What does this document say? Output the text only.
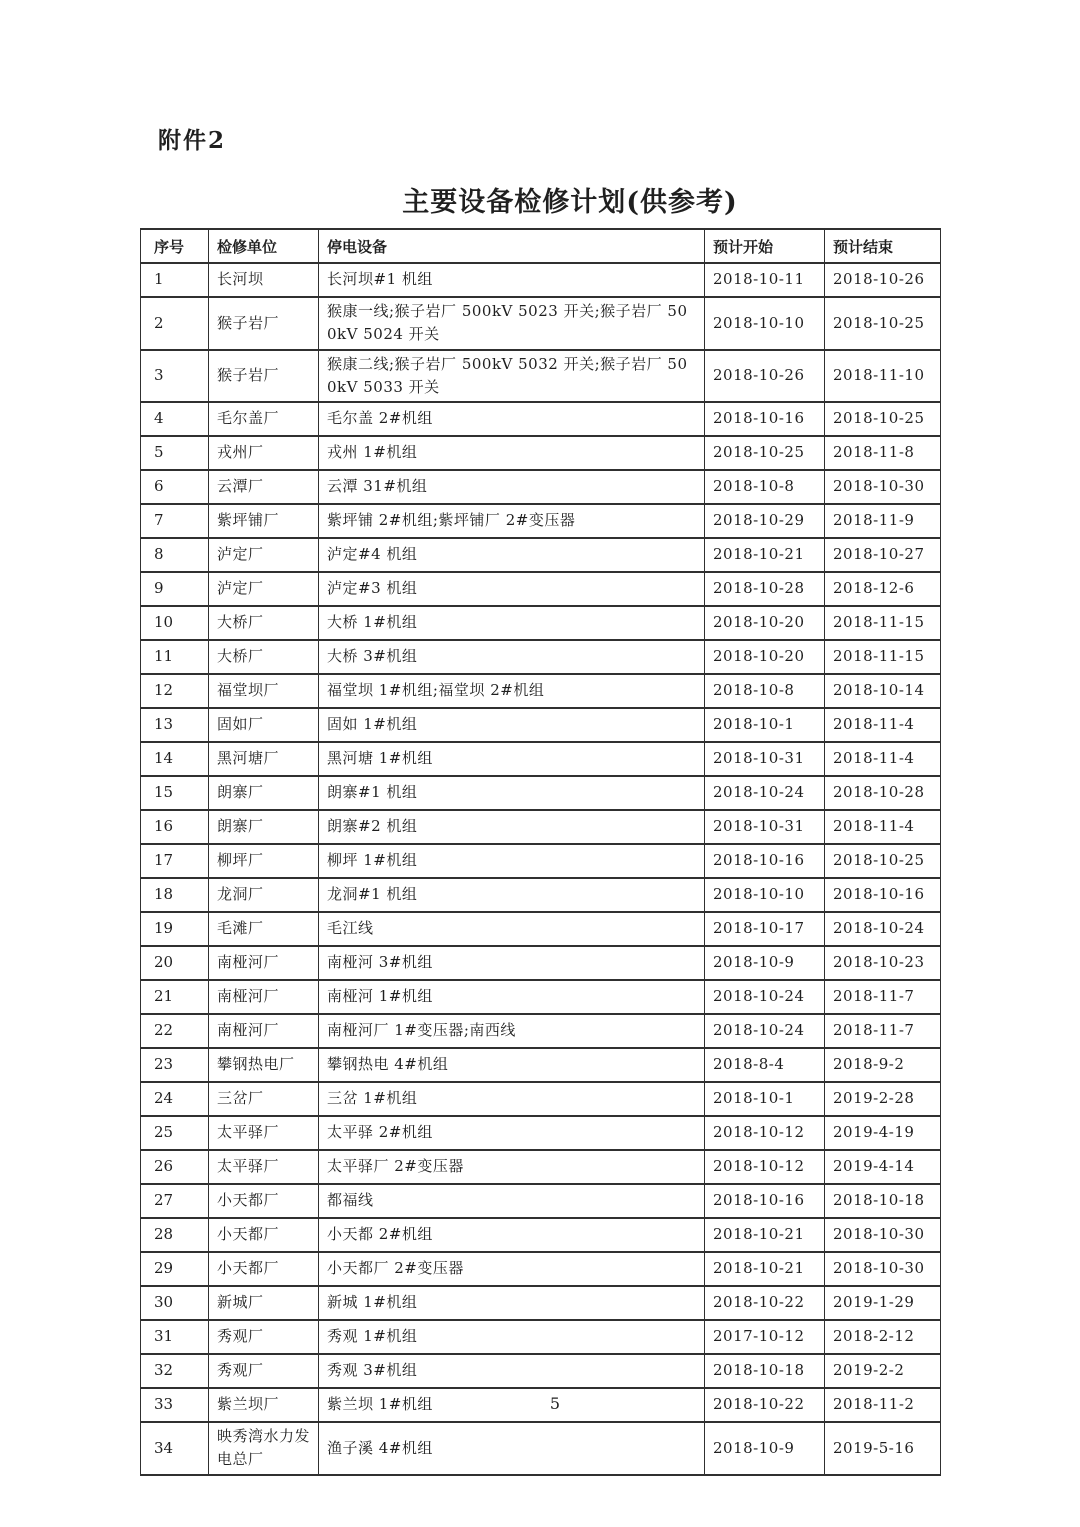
附件2
主要设备检修计划(供参考)
序号	检修单位	停电设备	预计开始	预计结束
1	长河坝	长河坝#1 机组	2018-10-11	2018-10-26
2	猴子岩厂	猴康一线;猴子岩厂 500kV 5023 开关;猴子岩厂 500kV 5024 开关	2018-10-10	2018-10-25
3	猴子岩厂	猴康二线;猴子岩厂 500kV 5032 开关;猴子岩厂 500kV 5033 开关	2018-10-26	2018-11-10
4	毛尔盖厂	毛尔盖 2#机组	2018-10-16	2018-10-25
5	戎州厂	戎州 1#机组	2018-10-25	2018-11-8
6	云潭厂	云潭 31#机组	2018-10-8	2018-10-30
7	紫坪铺厂	紫坪铺 2#机组;紫坪铺厂 2#变压器	2018-10-29	2018-11-9
8	泸定厂	泸定#4 机组	2018-10-21	2018-10-27
9	泸定厂	泸定#3 机组	2018-10-28	2018-12-6
10	大桥厂	大桥 1#机组	2018-10-20	2018-11-15
11	大桥厂	大桥 3#机组	2018-10-20	2018-11-15
12	福堂坝厂	福堂坝 1#机组;福堂坝 2#机组	2018-10-8	2018-10-14
13	固如厂	固如 1#机组	2018-10-1	2018-11-4
14	黑河塘厂	黑河塘 1#机组	2018-10-31	2018-11-4
15	朗寨厂	朗寨#1 机组	2018-10-24	2018-10-28
16	朗寨厂	朗寨#2 机组	2018-10-31	2018-11-4
17	柳坪厂	柳坪 1#机组	2018-10-16	2018-10-25
18	龙洞厂	龙洞#1 机组	2018-10-10	2018-10-16
19	毛滩厂	毛江线	2018-10-17	2018-10-24
20	南桠河厂	南桠河 3#机组	2018-10-9	2018-10-23
21	南桠河厂	南桠河 1#机组	2018-10-24	2018-11-7
22	南桠河厂	南桠河厂 1#变压器;南西线	2018-10-24	2018-11-7
23	攀钢热电厂	攀钢热电 4#机组	2018-8-4	2018-9-2
24	三岔厂	三岔 1#机组	2018-10-1	2019-2-28
25	太平驿厂	太平驿 2#机组	2018-10-12	2019-4-19
26	太平驿厂	太平驿厂 2#变压器	2018-10-12	2019-4-14
27	小天都厂	都福线	2018-10-16	2018-10-18
28	小天都厂	小天都 2#机组	2018-10-21	2018-10-30
29	小天都厂	小天都厂 2#变压器	2018-10-21	2018-10-30
30	新城厂	新城 1#机组	2018-10-22	2019-1-29
31	秀观厂	秀观 1#机组	2017-10-12	2018-2-12
32	秀观厂	秀观 3#机组	2018-10-18	2019-2-2
33	紫兰坝厂	紫兰坝 1#机组	2018-10-22	2018-11-2
34	映秀湾水力发电总厂	渔子溪 4#机组	2018-10-9	2019-5-16
5
